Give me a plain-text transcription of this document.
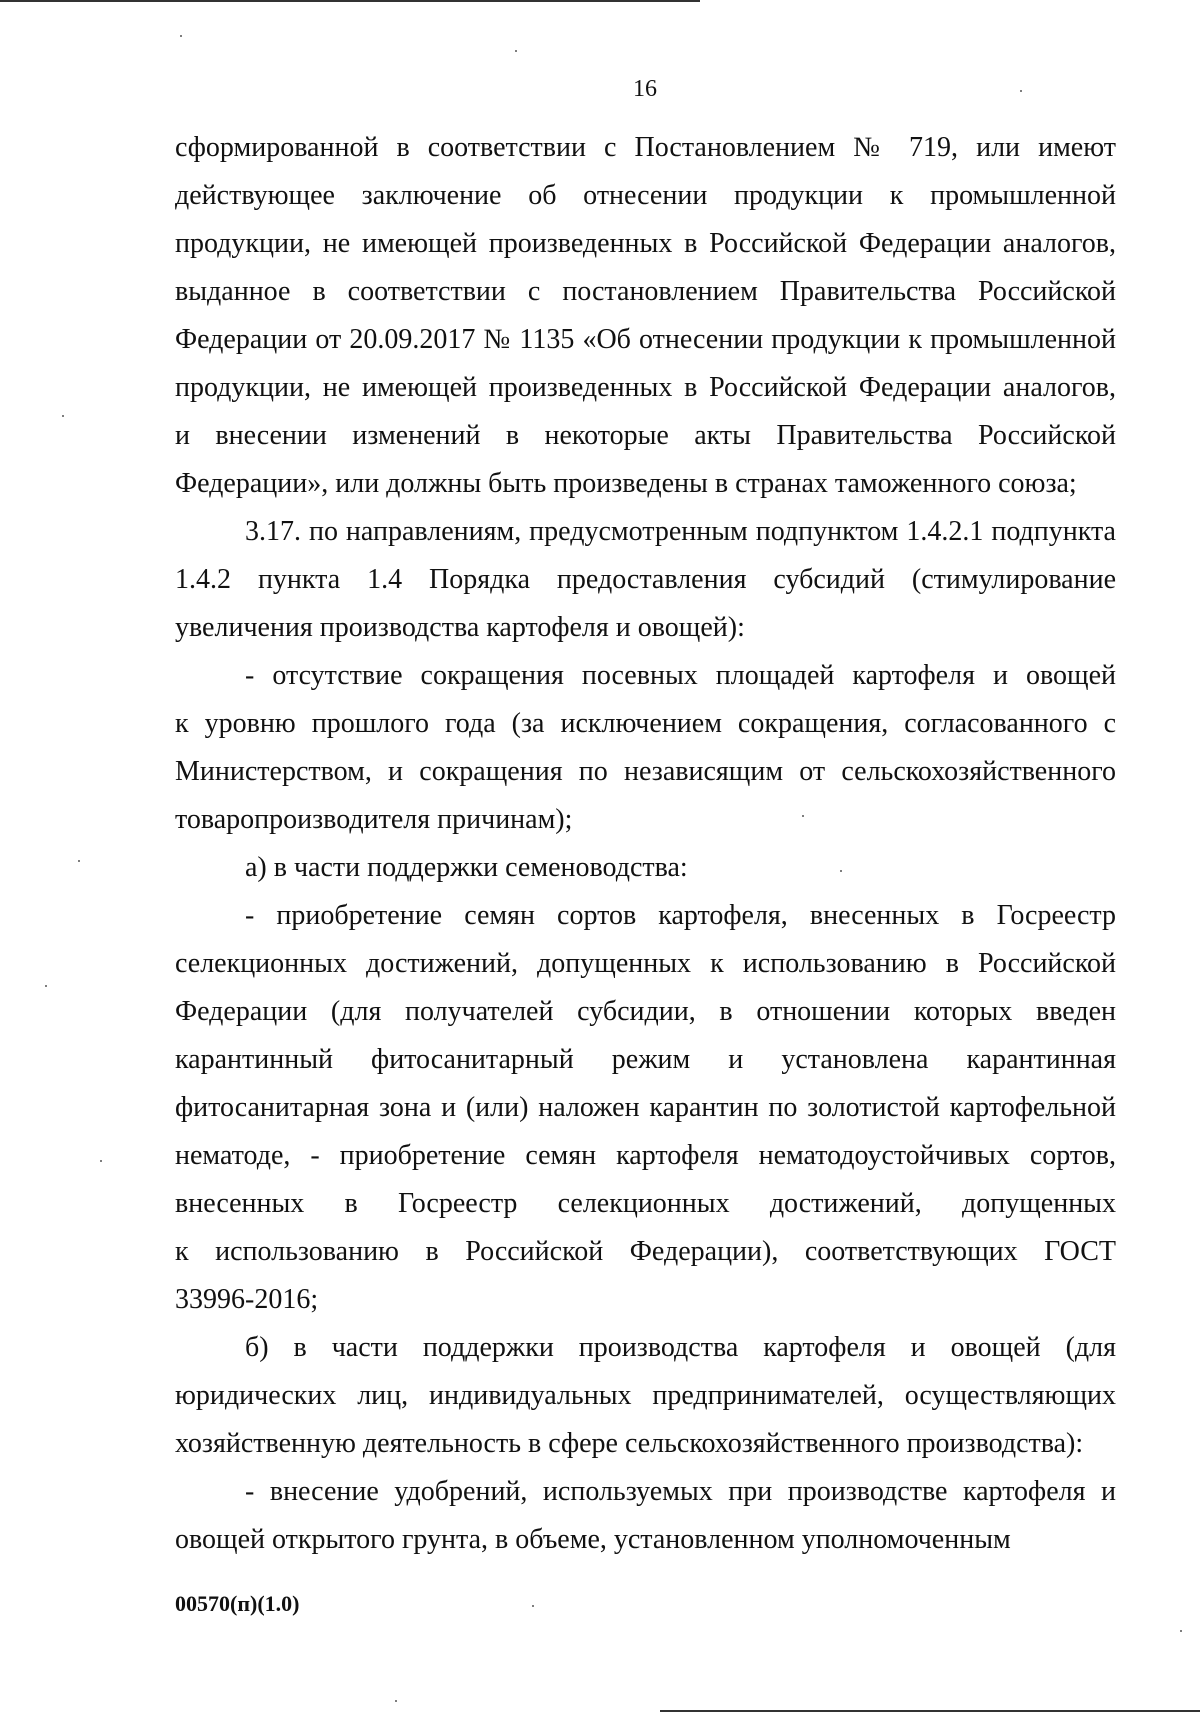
16

сформированной в соответствии с Постановлением № 719, или имеют
действующее заключение об отнесении продукции к промышленной
продукции, не имеющей произведенных в Российской Федерации аналогов,
выданное в соответствии с постановлением Правительства Российской
Федерации от 20.09.2017 № 1135 «Об отнесении продукции к промышленной
продукции, не имеющей произведенных в Российской Федерации аналогов,
и внесении изменений в некоторые акты Правительства Российской
Федерации», или должны быть произведены в странах таможенного союза;

3.17. по направлениям, предусмотренным подпунктом 1.4.2.1 подпункта
1.4.2 пункта 1.4 Порядка предоставления субсидий (стимулирование
увеличения производства картофеля и овощей):

- отсутствие сокращения посевных площадей картофеля и овощей
к уровню прошлого года (за исключением сокращения, согласованного с
Министерством, и сокращения по независящим от сельскохозяйственного
товаропроизводителя причинам);

а) в части поддержки семеноводства:

- приобретение семян сортов картофеля, внесенных в Госреестр
селекционных достижений, допущенных к использованию в Российской
Федерации (для получателей субсидии, в отношении которых введен
карантинный фитосанитарный режим и установлена карантинная
фитосанитарная зона и (или) наложен карантин по золотистой картофельной
нематоде, - приобретение семян картофеля нематодоустойчивых сортов,
внесенных в Госреестр селекционных достижений, допущенных
к использованию в Российской Федерации), соответствующих ГОСТ
33996-2016;

б) в части поддержки производства картофеля и овощей (для
юридических лиц, индивидуальных предпринимателей, осуществляющих
хозяйственную деятельность в сфере сельскохозяйственного производства):

- внесение удобрений, используемых при производстве картофеля и
овощей открытого грунта, в объеме, установленном уполномоченным

00570(п)(1.0)
